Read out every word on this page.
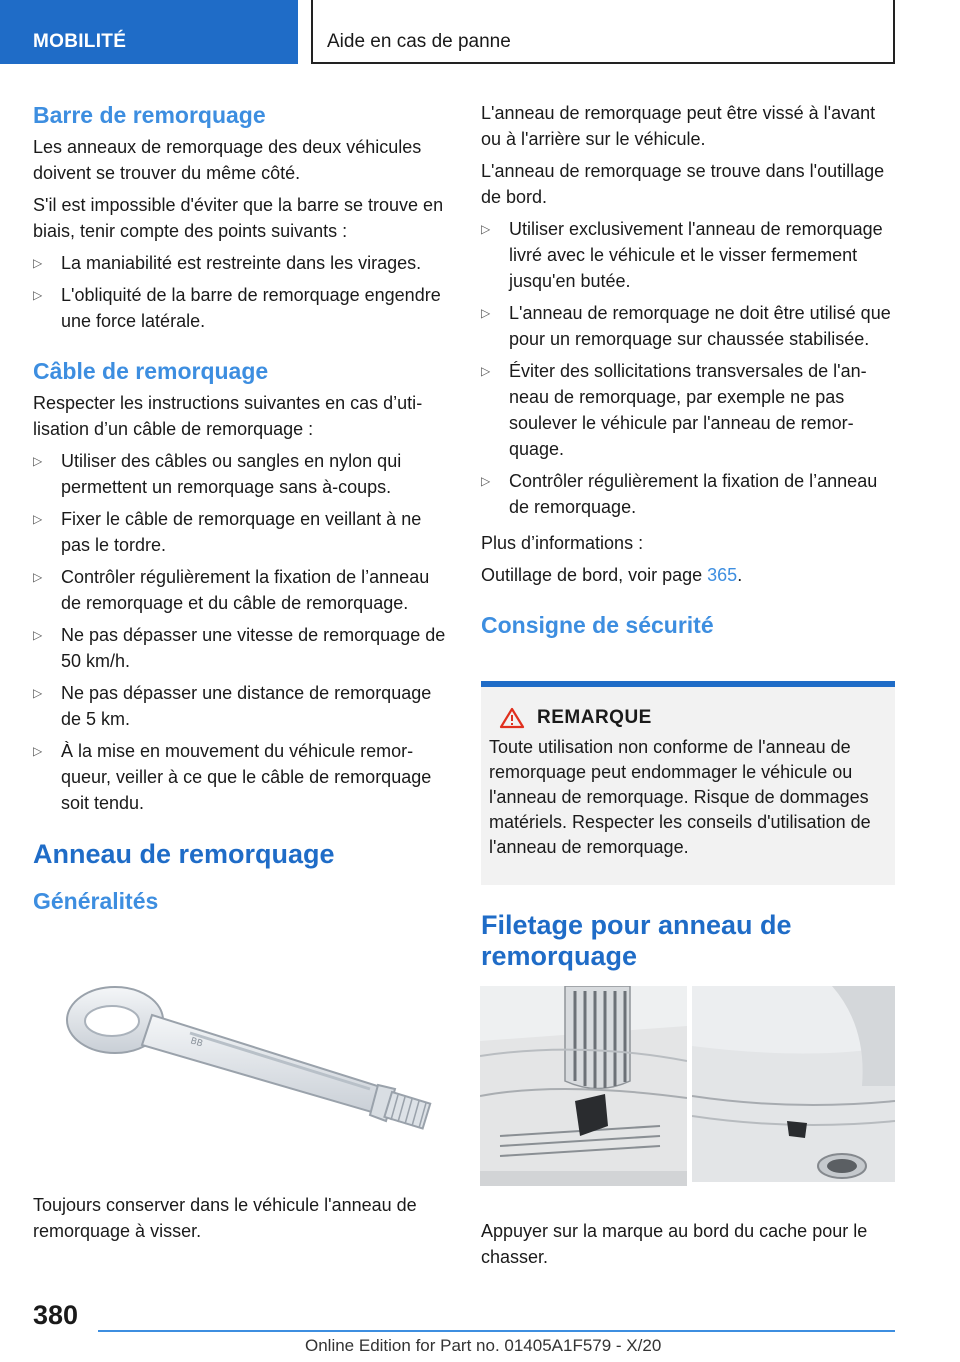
MOBILITÉ	Aide en cas de panne
Barre de remorquage

Les anneaux de remorquage des deux véhicules doivent se trouver du même côté.

S'il est impossible d'éviter que la barre se trouve en biais, tenir compte des points suivants :

▷ La maniabilité est restreinte dans les virages.
▷ L'obliquité de la barre de remorquage engendre une force latérale.
Câble de remorquage

Respecter les instructions suivantes en cas d’utilisation d’un câble de remorquage :

▷ Utiliser des câbles ou sangles en nylon qui permettent un remorquage sans à-coups.
▷ Fixer le câble de remorquage en veillant à ne pas le tordre.
▷ Contrôler régulièrement la fixation de l’anneau de remorquage et du câble de remorquage.
▷ Ne pas dépasser une vitesse de remorquage de 50 km/h.
▷ Ne pas dépasser une distance de remorquage de 5 km.
▷ À la mise en mouvement du véhicule remorqueur, veiller à ce que le câble de remorquage soit tendu.
Anneau de remorquage
Généralités
BB

Toujours conserver dans le véhicule l'anneau de remorquage à visser.

L'anneau de remorquage peut être vissé à l'avant ou à l'arrière sur le véhicule.

L'anneau de remorquage se trouve dans l'outillage de bord.

▷ Utiliser exclusivement l'anneau de remorquage livré avec le véhicule et le visser fermement jusqu'en butée.
▷ L'anneau de remorquage ne doit être utilisé que pour un remorquage sur chaussée stabilisée.
▷ Éviter des sollicitations transversales de l'anneau de remorquage, par exemple ne pas soulever le véhicule par l'anneau de remorquage.
▷ Contrôler régulièrement la fixation de l’anneau de remorquage.

Plus d’informations :

Outillage de bord, voir page 365.

Consigne de sécurité
REMARQUE

Toute utilisation non conforme de l'anneau de remorquage peut endommager le véhicule ou l'anneau de remorquage. Risque de dommages matériels. Respecter les conseils d'utilisation de l'anneau de remorquage.

Filetage pour anneau de remorquage

Appuyer sur la marque au bord du cache pour le chasser.

380
Online Edition for Part no. 01405A1F579 - X/20
